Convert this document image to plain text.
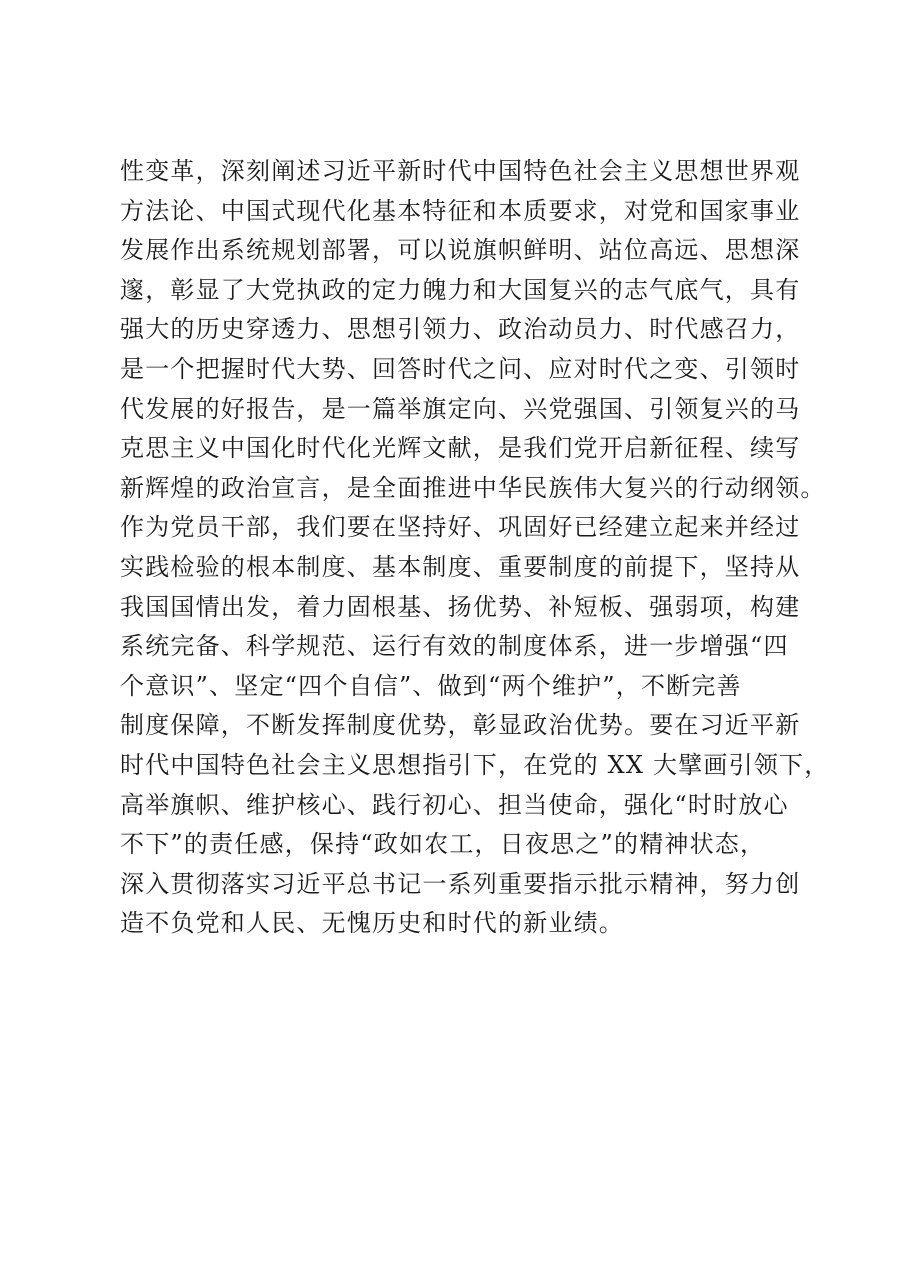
性变革，深刻阐述习近平新时代中国特色社会主义思想世界观
方法论、中国式现代化基本特征和本质要求，对党和国家事业
发展作出系统规划部署，可以说旗帜鲜明、站位高远、思想深
邃，彰显了大党执政的定力魄力和大国复兴的志气底气，具有
强大的历史穿透力、思想引领力、政治动员力、时代感召力，
是一个把握时代大势、回答时代之问、应对时代之变、引领时
代发展的好报告，是一篇举旗定向、兴党强国、引领复兴的马
克思主义中国化时代化光辉文献，是我们党开启新征程、续写
新辉煌的政治宣言，是全面推进中华民族伟大复兴的行动纲领。
作为党员干部，我们要在坚持好、巩固好已经建立起来并经过
实践检验的根本制度、基本制度、重要制度的前提下，坚持从
我国国情出发，着力固根基、扬优势、补短板、强弱项，构建
系统完备、科学规范、运行有效的制度体系，进一步增强“四
个意识”、坚定“四个自信”、做到“两个维护”，不断完善
制度保障，不断发挥制度优势，彰显政治优势。要在习近平新
时代中国特色社会主义思想指引下，在党的 XX 大擘画引领下，
高举旗帜、维护核心、践行初心、担当使命，强化“时时放心
不下”的责任感，保持“政如农工，日夜思之”的精神状态，
深入贯彻落实习近平总书记一系列重要指示批示精神，努力创
造不负党和人民、无愧历史和时代的新业绩。
